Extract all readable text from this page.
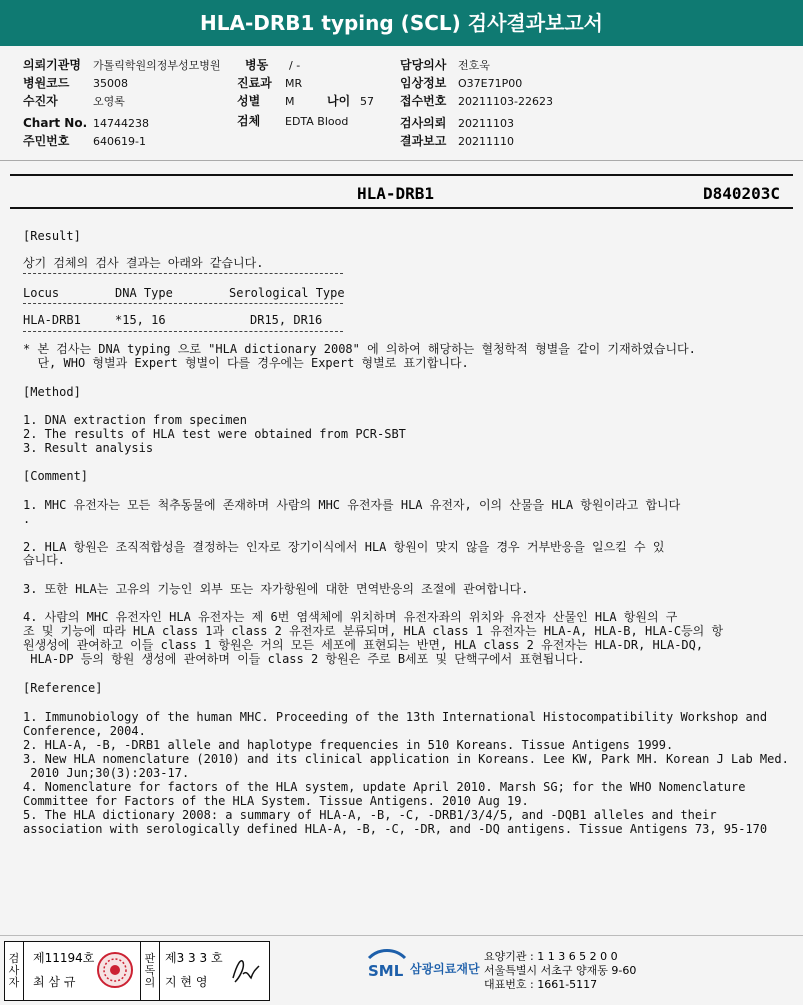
HLA-DRB1 typing (SCL) 검사결과보고서
의뢰기관명 가톨릭학원의정부성모병원 병동 / -	담당의사 전호욱
병원코드 35008	진료과 MR	임상정보 O37E71P00
수진자	오영록	성별 M	나이 57 접수번호 20211103-22623
Chart No. 14744238	검체 EDTA Blood	검사의뢰 20211103
주민번호 640619-1	결과보고 20211110
HLA-DRB1	D840203C
[Result]
상기 검체의 검사 결과는 아래와 같습니다.
Locus	DNA Type	Serological Type
HLA-DRB1	*15, 16	DR15, DR16
* 본 검사는 DNA typing 으로 "HLA dictionary 2008" 에 의하여 해당하는 혈청학적 형별을 같이 기재하였습니다.
단, WHO 형별과 Expert 형별이 다를 경우에는 Expert 형별로 표기합니다.
[Method]
1. DNA extraction from specimen
2. The results of HLA test were obtained from PCR-SBT
3. Result analysis
[Comment]
1. MHC 유전자는 모든 척추동물에 존재하며 사람의 MHC 유전자를 HLA 유전자, 이의 산물을 HLA 항원이라고 합니다
.
2. HLA 항원은 조직적합성을 결정하는 인자로 장기이식에서 HLA 항원이 맞지 않을 경우 거부반응을 일으킬 수 있
습니다.
3. 또한 HLA는 고유의 기능인 외부 또는 자가항원에 대한 면역반응의 조절에 관여합니다.
4. 사람의 MHC 유전자인 HLA 유전자는 제 6번 염색체에 위치하며 유전자좌의 위치와 유전자 산물인 HLA 항원의 구
조 및 기능에 따라 HLA class 1과 class 2 유전자로 분류되며, HLA class 1 유전자는 HLA-A, HLA-B, HLA-C등의 항
원생성에 관여하고 이들 class 1 항원은 거의 모든 세포에 표현되는 반면, HLA class 2 유전자는 HLA-DR, HLA-DQ,
HLA-DP 등의 항원 생성에 관여하며 이들 class 2 항원은 주로 B세포 및 단핵구에서 표현됩니다.
[Reference]
1. Immunobiology of the human MHC. Proceeding of the 13th International Histocompatibility Workshop and
Conference, 2004.
2. HLA-A, -B, -DRB1 allele and haplotype frequencies in 510 Koreans. Tissue Antigens 1999.
3. New HLA nomenclature (2010) and its clinical application in Koreans. Lee KW, Park MH. Korean J Lab Med.
2010 Jun;30(3):203-17.
4. Nomenclature for factors of the HLA system, update April 2010. Marsh SG; for the WHO Nomenclature
Committee for Factors of the HLA System. Tissue Antigens. 2010 Aug 19.
5. The HLA dictionary 2008: a summary of HLA-A, -B, -C, -DRB1/3/4/5, and -DQB1 alleles and their
association with serologically defined HLA-A, -B, -C, -DR, and -DQ antigens. Tissue Antigens 73, 95-170
검사자
제11194호
최 삼 규
판독의
제3 3 3 호
지 현 영
SML 삼광의료재단
요양기관 : 1 1 3 6 5 2 0 0
서울특별시 서초구 양재동 9-60
대표번호 : 1661-5117
